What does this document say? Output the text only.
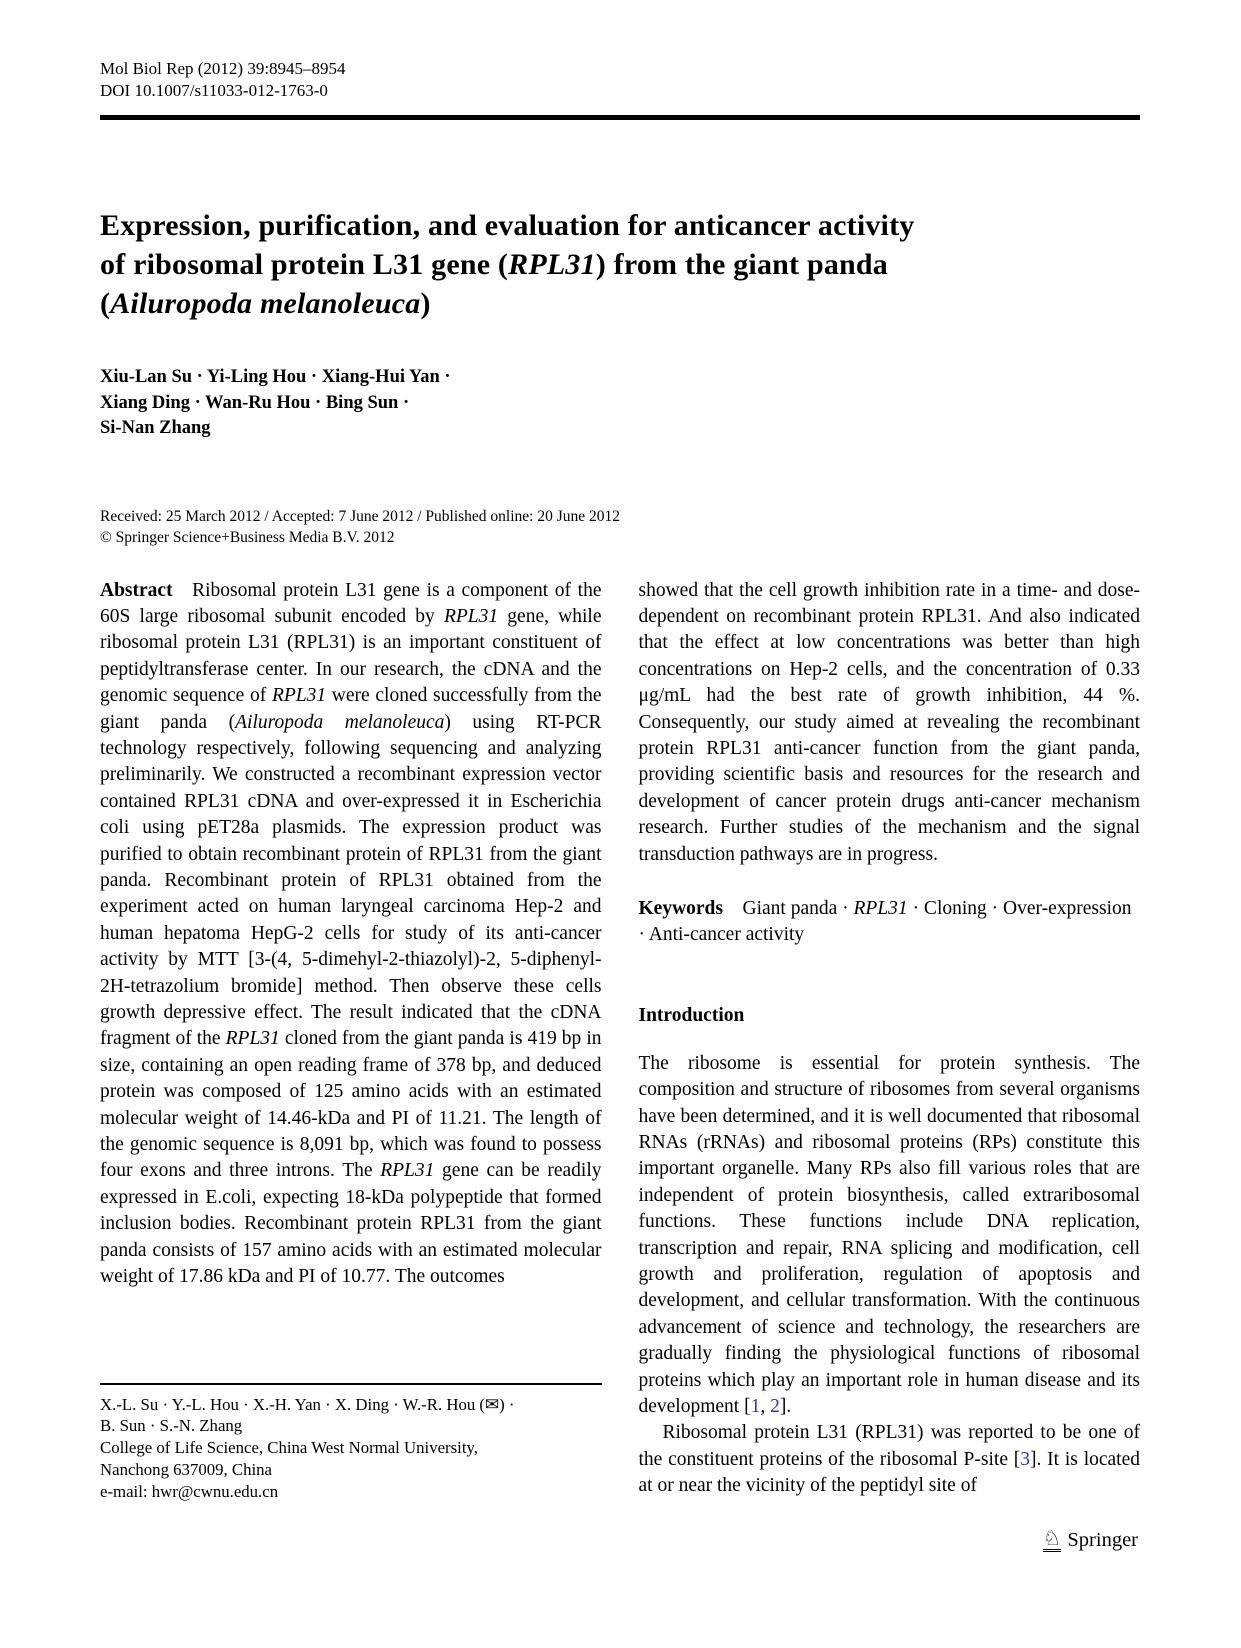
Mol Biol Rep (2012) 39:8945–8954
DOI 10.1007/s11033-012-1763-0
Expression, purification, and evaluation for anticancer activity
of ribosomal protein L31 gene (RPL31) from the giant panda
(Ailuropoda melanoleuca)
Xiu-Lan Su · Yi-Ling Hou · Xiang-Hui Yan ·
Xiang Ding · Wan-Ru Hou · Bing Sun ·
Si-Nan Zhang
Received: 25 March 2012 / Accepted: 7 June 2012 / Published online: 20 June 2012
© Springer Science+Business Media B.V. 2012

Abstract Ribosomal protein L31 gene is a component of the 60S large ribosomal subunit encoded by RPL31 gene, while ribosomal protein L31 (RPL31) is an important constituent of peptidyltransferase center. In our research, the cDNA and the genomic sequence of RPL31 were cloned successfully from the giant panda (Ailuropoda melanoleuca) using RT-PCR technology respectively, following sequencing and analyzing preliminarily. We constructed a recombinant expression vector contained RPL31 cDNA and over-expressed it in Escherichia coli using pET28a plasmids. The expression product was purified to obtain recombinant protein of RPL31 from the giant panda. Recombinant protein of RPL31 obtained from the experiment acted on human laryngeal carcinoma Hep-2 and human hepatoma HepG-2 cells for study of its anti-cancer activity by MTT [3-(4, 5-dimehyl-2-thiazolyl)-2, 5-diphenyl-2H-tetrazolium bromide] method. Then observe these cells growth depressive effect. The result indicated that the cDNA fragment of the RPL31 cloned from the giant panda is 419 bp in size, containing an open reading frame of 378 bp, and deduced protein was composed of 125 amino acids with an estimated molecular weight of 14.46-kDa and PI of 11.21. The length of the genomic sequence is 8,091 bp, which was found to possess four exons and three introns. The RPL31 gene can be readily expressed in E.coli, expecting 18-kDa polypeptide that formed inclusion bodies. Recombinant protein RPL31 from the giant panda consists of 157 amino acids with an estimated molecular weight of 17.86 kDa and PI of 10.77. The outcomes

X.-L. Su · Y.-L. Hou · X.-H. Yan · X. Ding · W.-R. Hou (✉) ·
B. Sun · S.-N. Zhang
College of Life Science, China West Normal University,
Nanchong 637009, China
e-mail: hwr@cwnu.edu.cn

showed that the cell growth inhibition rate in a time- and dose-dependent on recombinant protein RPL31. And also indicated that the effect at low concentrations was better than high concentrations on Hep-2 cells, and the concentration of 0.33 μg/mL had the best rate of growth inhibition, 44 %. Consequently, our study aimed at revealing the recombinant protein RPL31 anti-cancer function from the giant panda, providing scientific basis and resources for the research and development of cancer protein drugs anti-cancer mechanism research. Further studies of the mechanism and the signal transduction pathways are in progress.

Keywords Giant panda · RPL31 · Cloning · Over-expression · Anti-cancer activity

Introduction

The ribosome is essential for protein synthesis. The composition and structure of ribosomes from several organisms have been determined, and it is well documented that ribosomal RNAs (rRNAs) and ribosomal proteins (RPs) constitute this important organelle. Many RPs also fill various roles that are independent of protein biosynthesis, called extraribosomal functions. These functions include DNA replication, transcription and repair, RNA splicing and modification, cell growth and proliferation, regulation of apoptosis and development, and cellular transformation. With the continuous advancement of science and technology, the researchers are gradually finding the physiological functions of ribosomal proteins which play an important role in human disease and its development [1, 2].

Ribosomal protein L31 (RPL31) was reported to be one of the constituent proteins of the ribosomal P-site [3]. It is located at or near the vicinity of the peptidyl site of

♘ Springer
